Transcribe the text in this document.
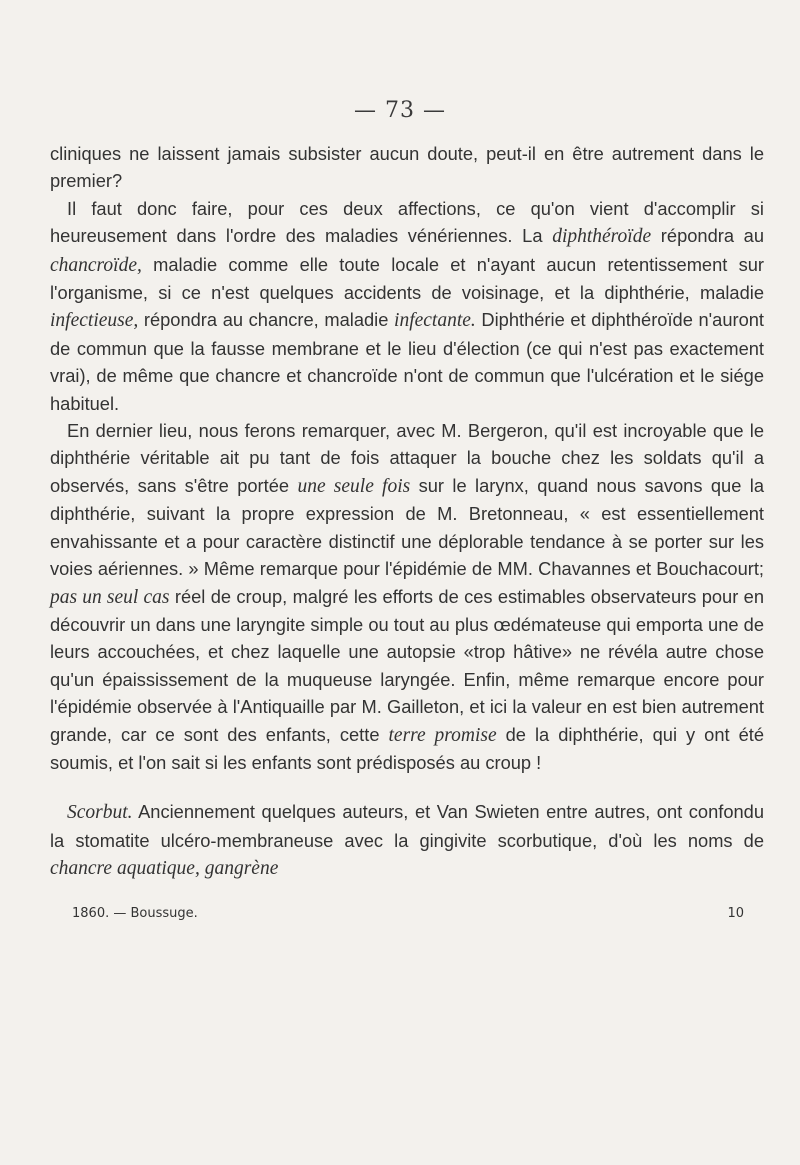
— 73 —

cliniques ne laissent jamais subsister aucun doute, peut-il en être autrement dans le premier?

Il faut donc faire, pour ces deux affections, ce qu'on vient d'accomplir si heureusement dans l'ordre des maladies vénériennes. La diphthéroïde répondra au chancroïde, maladie comme elle toute locale et n'ayant aucun retentissement sur l'organisme, si ce n'est quelques accidents de voisinage, et la diphthérie, maladie infectieuse, répondra au chancre, maladie infectante. Diphthérie et diphthéroïde n'auront de commun que la fausse membrane et le lieu d'élection (ce qui n'est pas exactement vrai), de même que chancre et chancroïde n'ont de commun que l'ulcération et le siége habituel.

En dernier lieu, nous ferons remarquer, avec M. Bergeron, qu'il est incroyable que le diphthérie véritable ait pu tant de fois attaquer la bouche chez les soldats qu'il a observés, sans s'être portée une seule fois sur le larynx, quand nous savons que la diphthérie, suivant la propre expression de M. Bretonneau, « est essentiellement envahissante et a pour caractère distinctif une déplorable tendance à se porter sur les voies aériennes. » Même remarque pour l'épidémie de MM. Chavannes et Bouchacourt; pas un seul cas réel de croup, malgré les efforts de ces estimables observateurs pour en découvrir un dans une laryngite simple ou tout au plus œdémateuse qui emporta une de leurs accouchées, et chez laquelle une autopsie «trop hâtive» ne révéla autre chose qu'un épaississement de la muqueuse laryngée. Enfin, même remarque encore pour l'épidémie observée à l'Antiquaille par M. Gailleton, et ici la valeur en est bien autrement grande, car ce sont des enfants, cette terre promise de la diphthérie, qui y ont été soumis, et l'on sait si les enfants sont prédisposés au croup !

Scorbut. Anciennement quelques auteurs, et Van Swieten entre autres, ont confondu la stomatite ulcéro-membraneuse avec la gingivite scorbutique, d'où les noms de chancre aquatique, gangrène

1860. — Boussuge.	10
